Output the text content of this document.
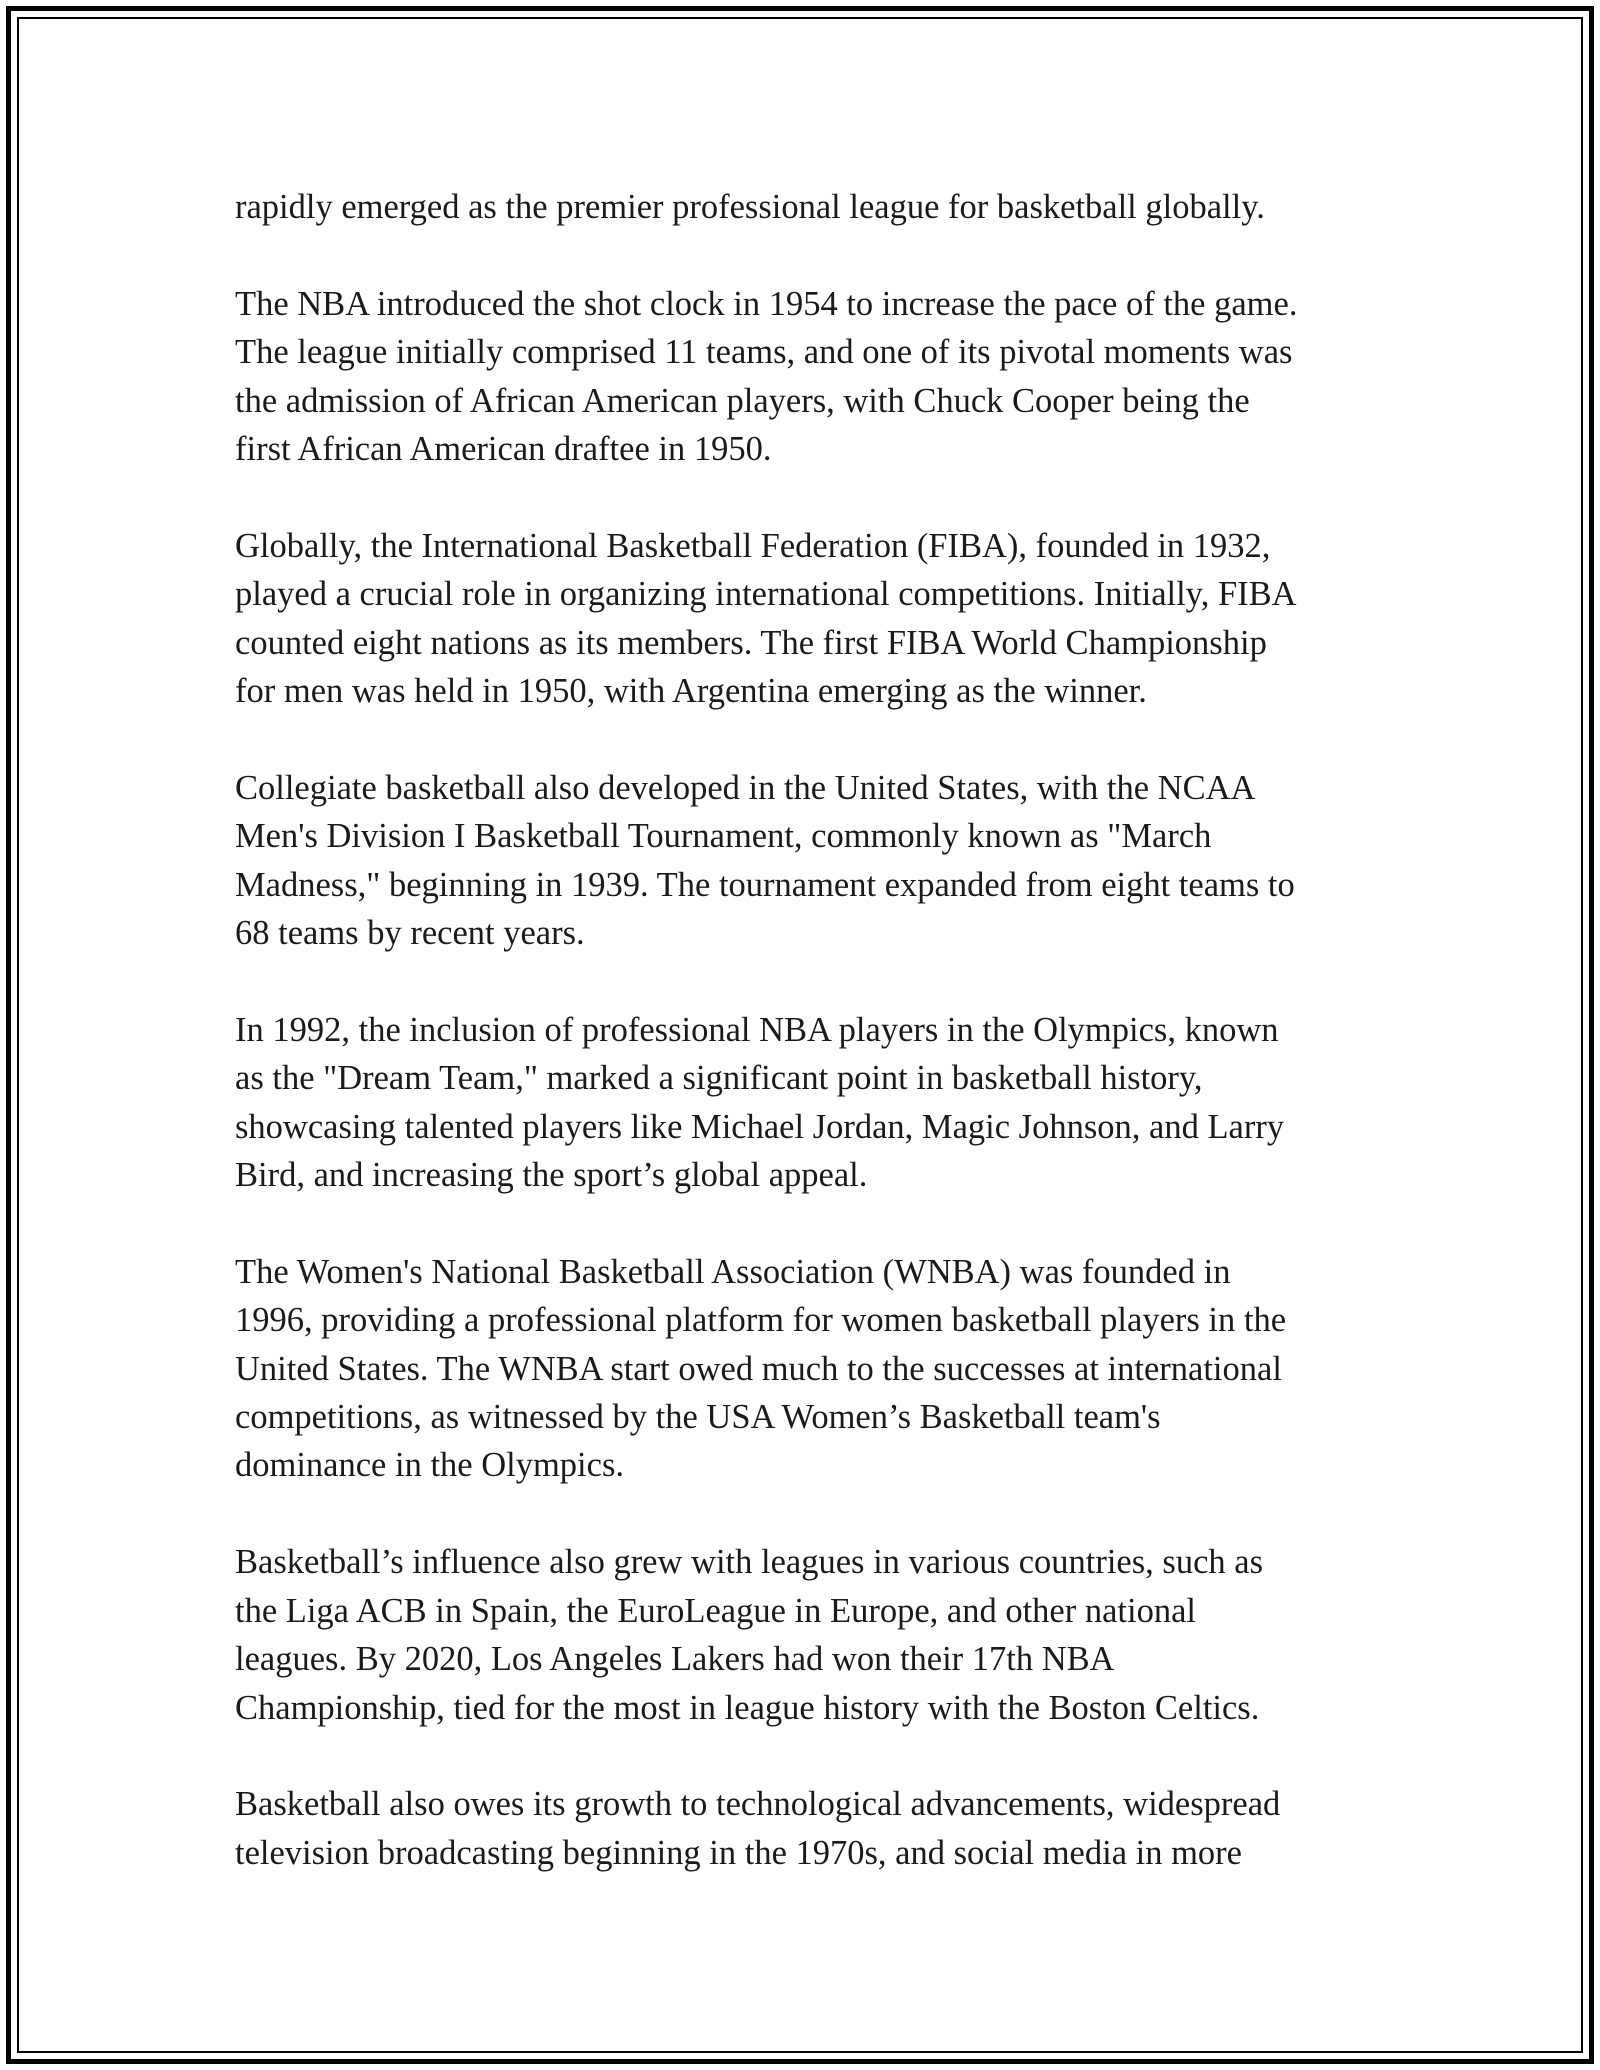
rapidly emerged as the premier professional league for basketball globally.

The NBA introduced the shot clock in 1954 to increase the pace of the game.
The league initially comprised 11 teams, and one of its pivotal moments was
the admission of African American players, with Chuck Cooper being the
first African American draftee in 1950.

Globally, the International Basketball Federation (FIBA), founded in 1932,
played a crucial role in organizing international competitions. Initially, FIBA
counted eight nations as its members. The first FIBA World Championship
for men was held in 1950, with Argentina emerging as the winner.

Collegiate basketball also developed in the United States, with the NCAA
Men's Division I Basketball Tournament, commonly known as "March
Madness," beginning in 1939. The tournament expanded from eight teams to
68 teams by recent years.

In 1992, the inclusion of professional NBA players in the Olympics, known
as the "Dream Team," marked a significant point in basketball history,
showcasing talented players like Michael Jordan, Magic Johnson, and Larry
Bird, and increasing the sport’s global appeal.

The Women's National Basketball Association (WNBA) was founded in
1996, providing a professional platform for women basketball players in the
United States. The WNBA start owed much to the successes at international
competitions, as witnessed by the USA Women’s Basketball team's
dominance in the Olympics.

Basketball’s influence also grew with leagues in various countries, such as
the Liga ACB in Spain, the EuroLeague in Europe, and other national
leagues. By 2020, Los Angeles Lakers had won their 17th NBA
Championship, tied for the most in league history with the Boston Celtics.

Basketball also owes its growth to technological advancements, widespread
television broadcasting beginning in the 1970s, and social media in more
